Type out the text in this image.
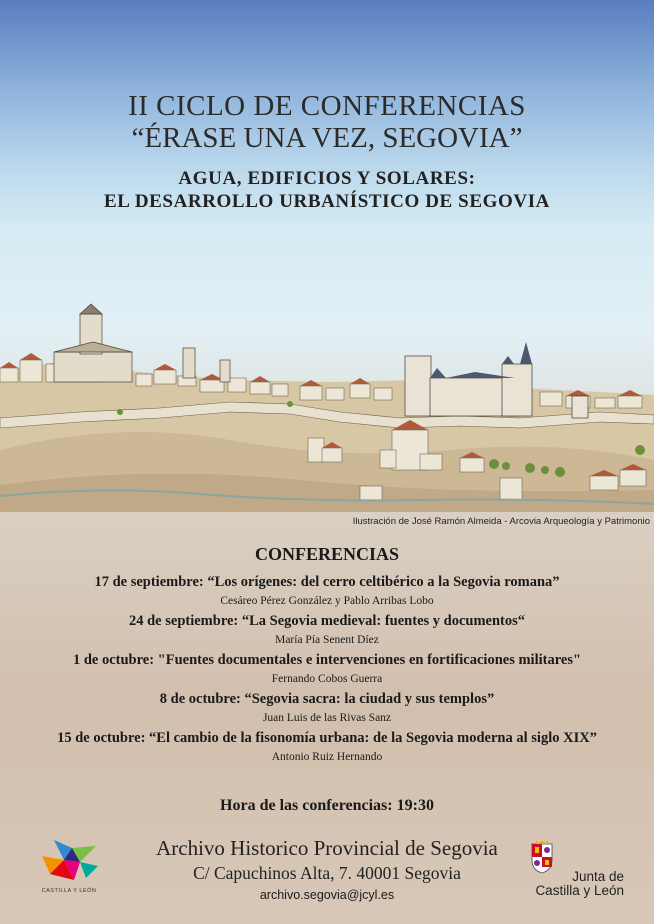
II CICLO DE CONFERENCIAS
“ÉRASE UNA VEZ, SEGOVIA”
AGUA, EDIFICIOS Y SOLARES:
EL DESARROLLO URBANÍSTICO DE SEGOVIA
Ilustración de José Ramón Almeida - Arcovia Arqueología y Patrimonio
CONFERENCIAS
17 de septiembre: “Los orígenes: del cerro celtibérico a la Segovia romana”
Cesáreo Pérez González y Pablo Arribas Lobo
24 de septiembre: “La Segovia medieval: fuentes y documentos“
María Pía Senent Díez
1 de octubre: "Fuentes documentales e intervenciones en fortificaciones militares"
Fernando Cobos Guerra
8 de octubre: “Segovia sacra: la ciudad y sus templos”
Juan Luis de las Rivas Sanz
15 de octubre: “El cambio de la fisonomía urbana: de la Segovia moderna al siglo XIX”
Antonio Ruiz Hernando
Hora de las conferencias: 19:30
Archivo Historico Provincial de Segovia
C/ Capuchinos Alta, 7. 40001 Segovia
archivo.segovia@jcyl.es
CASTILLA Y LEÓN
Junta de
Castilla y León
